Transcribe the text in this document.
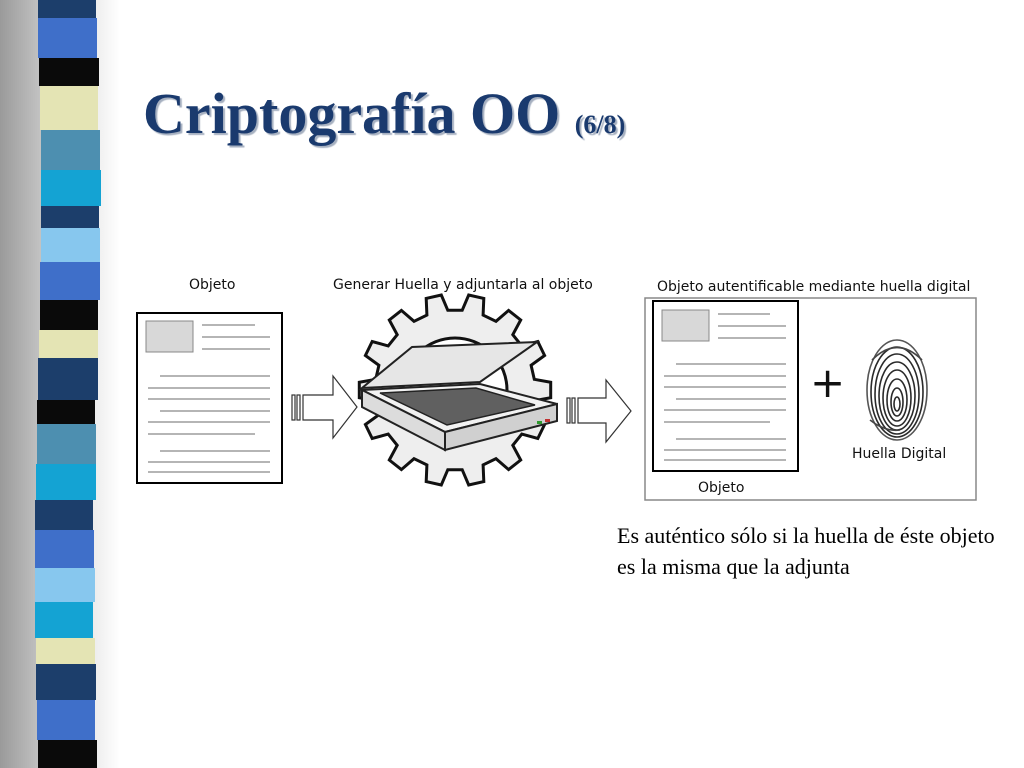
Criptografía OO (6/8)
Objeto	Generar Huella y adjuntarla al objeto	Objeto autentificable mediante huella digital
+
Huella Digital
Objeto

Es auténtico sólo si la huella de éste objeto es la misma que la adjunta
